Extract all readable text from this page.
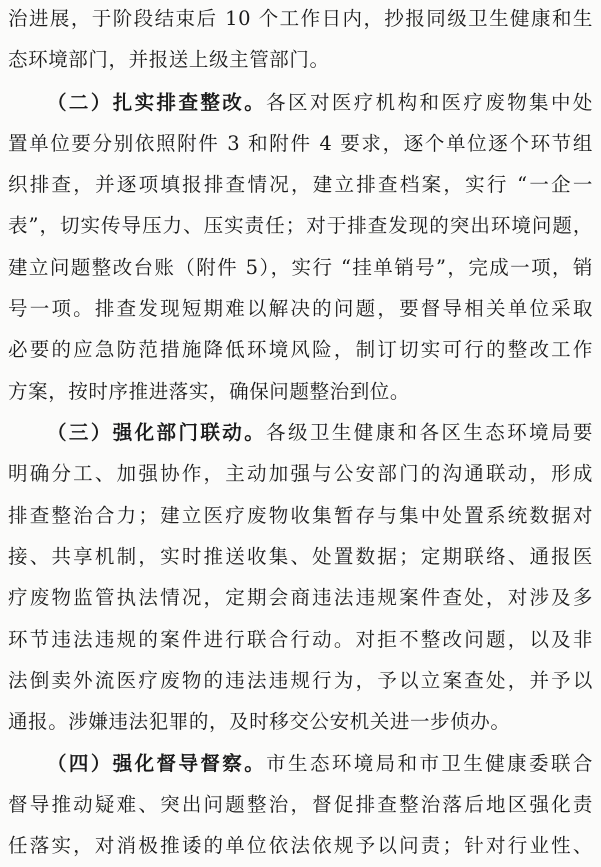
治进展，于阶段结束后 10 个工作日内，抄报同级卫生健康和生
态环境部门，并报送上级主管部门。
（二）扎实排查整改。各区对医疗机构和医疗废物集中处
置单位要分别依照附件 3 和附件 4 要求，逐个单位逐个环节组
织排查，并逐项填报排查情况，建立排查档案，实行 “一企一
表”，切实传导压力、压实责任；对于排查发现的突出环境问题，
建立问题整改台账（附件 5），实行 “挂单销号”，完成一项，销
号一项。排查发现短期难以解决的问题，要督导相关单位采取
必要的应急防范措施降低环境风险，制订切实可行的整改工作
方案，按时序推进落实，确保问题整治到位。
（三）强化部门联动。各级卫生健康和各区生态环境局要
明确分工、加强协作，主动加强与公安部门的沟通联动，形成
排查整治合力；建立医疗废物收集暂存与集中处置系统数据对
接、共享机制，实时推送收集、处置数据；定期联络、通报医
疗废物监管执法情况，定期会商违法违规案件查处，对涉及多
环节违法违规的案件进行联合行动。对拒不整改问题，以及非
法倒卖外流医疗废物的违法违规行为，予以立案查处，并予以
通报。涉嫌违法犯罪的，及时移交公安机关进一步侦办。
（四）强化督导督察。市生态环境局和市卫生健康委联合
督导推动疑难、突出问题整治，督促排查整治落后地区强化责
任落实，对消极推诿的单位依法依规予以问责；针对行业性、
